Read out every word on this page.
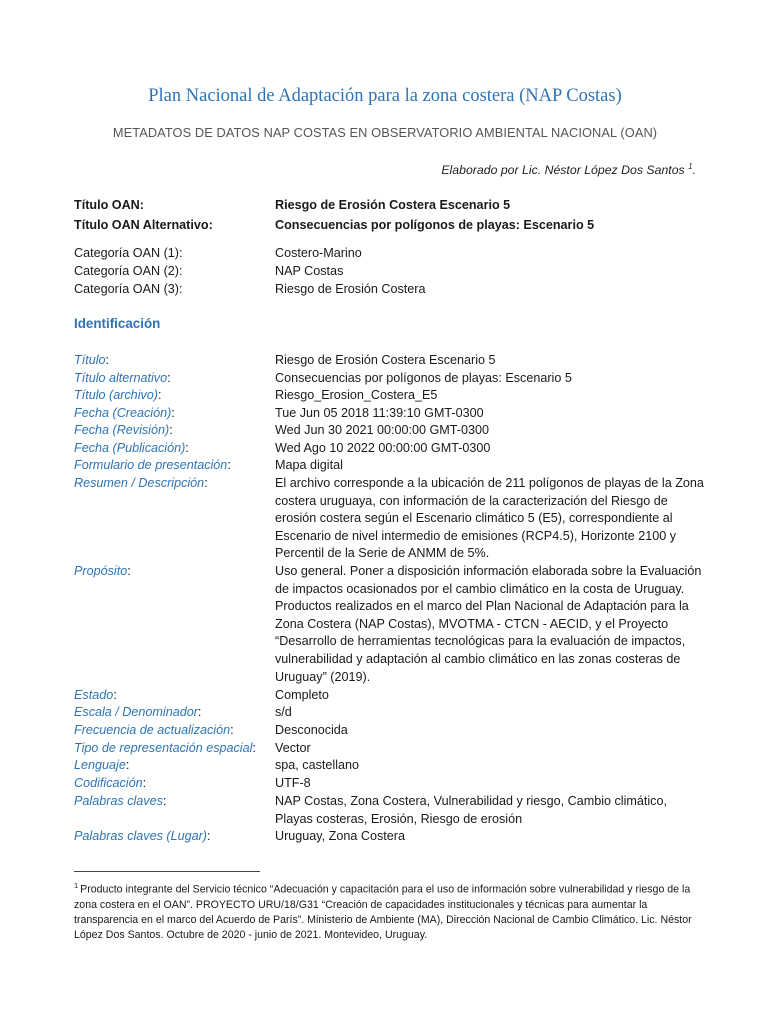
Plan Nacional de Adaptación para la zona costera (NAP Costas)
METADATOS DE DATOS NAP COSTAS EN OBSERVATORIO AMBIENTAL NACIONAL (OAN)
Elaborado por Lic. Néstor López Dos Santos $^1$.
Título OAN:	Riesgo de Erosión Costera Escenario 5
Título OAN Alternativo:	Consecuencias por polígonos de playas: Escenario 5
Categoría OAN (1):	Costero-Marino
Categoría OAN (2):	NAP Costas
Categoría OAN (3):	Riesgo de Erosión Costera
Identificación
Título:	Riesgo de Erosión Costera Escenario 5
Título alternativo:	Consecuencias por polígonos de playas: Escenario 5
Título (archivo):	Riesgo_Erosion_Costera_E5
Fecha (Creación):	Tue Jun 05 2018 11:39:10 GMT-0300
Fecha (Revisión):	Wed Jun 30 2021 00:00:00 GMT-0300
Fecha (Publicación):	Wed Ago 10 2022 00:00:00 GMT-0300
Formulario de presentación:	Mapa digital
Resumen / Descripción:	El archivo corresponde a la ubicación de 211 polígonos de playas de la Zona costera uruguaya, con información de la caracterización del Riesgo de erosión costera según el Escenario climático 5 (E5), correspondiente al Escenario de nivel intermedio de emisiones (RCP4.5), Horizonte 2100 y Percentil de la Serie de ANMM de 5%.
Propósito:	Uso general. Poner a disposición información elaborada sobre la Evaluación de impactos ocasionados por el cambio climático en la costa de Uruguay. Productos realizados en el marco del Plan Nacional de Adaptación para la Zona Costera (NAP Costas), MVOTMA - CTCN - AECID, y el Proyecto “Desarrollo de herramientas tecnológicas para la evaluación de impactos, vulnerabilidad y adaptación al cambio climático en las zonas costeras de Uruguay” (2019).
Estado:	Completo
Escala / Denominador:	s/d
Frecuencia de actualización:	Desconocida
Tipo de representación espacial: Vector
Lenguaje:	spa, castellano
Codificación:	UTF-8
Palabras claves:	NAP Costas, Zona Costera, Vulnerabilidad y riesgo, Cambio climático, Playas costeras, Erosión, Riesgo de erosión
Palabras claves (Lugar):	Uruguay, Zona Costera
$^1$ Producto integrante del Servicio técnico “Adecuación y capacitación para el uso de información sobre vulnerabilidad y riesgo de la zona costera en el OAN”. PROYECTO URU/18/G31 “Creación de capacidades institucionales y técnicas para aumentar la transparencia en el marco del Acuerdo de París”. Ministerio de Ambiente (MA), Dirección Nacional de Cambio Climático. Lic. Néstor López Dos Santos. Octubre de 2020 - junio de 2021. Montevideo, Uruguay.
